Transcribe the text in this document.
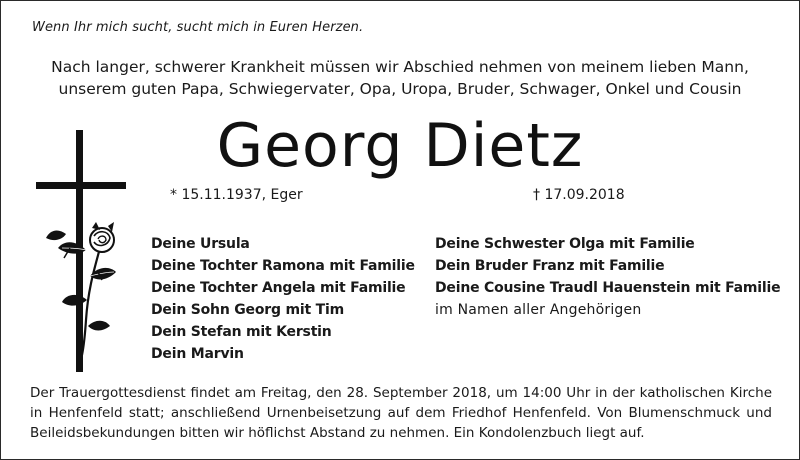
Wenn Ihr mich sucht, sucht mich in Euren Herzen.
Nach langer, schwerer Krankheit müssen wir Abschied nehmen von meinem lieben Mann,
unserem guten Papa, Schwiegervater, Opa, Uropa, Bruder, Schwager, Onkel und Cousin
Georg Dietz
* 15.11.1937, Eger	† 17.09.2018
Deine Ursula
Deine Tochter Ramona mit Familie
Deine Tochter Angela mit Familie
Dein Sohn Georg mit Tim
Dein Stefan mit Kerstin
Dein Marvin
Deine Schwester Olga mit Familie
Dein Bruder Franz mit Familie
Deine Cousine Traudl Hauenstein mit Familie
im Namen aller Angehörigen
Der Trauergottesdienst findet am Freitag, den 28. September 2018, um 14:00 Uhr in der katholischen Kirche in Henfenfeld statt; anschließend Urnenbeisetzung auf dem Friedhof Henfenfeld. Von Blumenschmuck und Beileidsbekundungen bitten wir höflichst Abstand zu nehmen. Ein Kondolenzbuch liegt auf.
